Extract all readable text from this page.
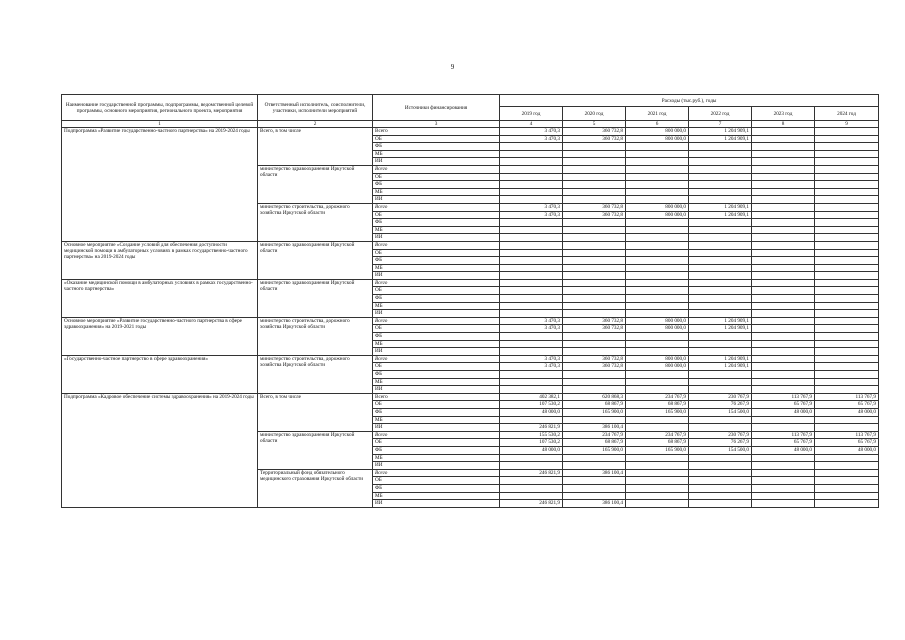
9
Наименование государственной программы, подпрограммы, ведомственной целевой программы, основного мероприятия, регионального проекта, мероприятия	Ответственный исполнитель, соисполнители, участники, исполнители мероприятий	Источники финансирования	Расходы (тыс.руб.), годы					
			2019 год	2020 год	2021 год	2022 год	2023 год	2024 год
1	2	3	4	5	6	7	8	9
Подпрограмма «Развитие государственно-частного партнерства» на 2019-2024 годы	Всего, в том числе	Всего	3 470,3	360 732,8	800 000,0	1 204 909,1		
		ОБ	3 470,3	360 732,8	800 000,0	1 204 909,1		
		ФБ						
		МБ						
		ИИ						
	министерство здравоохранения Иркутской области	Всего						
		ОБ						
		ФБ						
		МБ						
		ИИ						
	министерство строительства, дорожного хозяйства Иркутской области	Всего	3 470,3	360 732,8	800 000,0	1 204 909,1		
		ОБ	3 470,3	360 732,8	800 000,0	1 204 909,1		
		ФБ						
		МБ						
		ИИ						
Основное мероприятие «Создание условий для обеспечения доступности медицинской помощи в амбулаторных условиях в рамках государственно-частного партнерства» на 2019-2024 годы	министерство здравоохранения Иркутской области	Всего						
		ОБ						
		ФБ						
		МБ						
		ИИ						
«Оказание медицинской помощи в амбулаторных условиях в рамках государственно-частного партнерства»	министерство здравоохранения Иркутской области	Всего						
		ОБ						
		ФБ						
		МБ						
		ИИ						
Основное мероприятие «Развитие государственно-частного партнерства в сфере здравоохранения» на 2019-2021 годы	министерство строительства, дорожного хозяйства Иркутской области	Всего	3 470,3	360 732,8	800 000,0	1 204 909,1		
		ОБ	3 470,3	360 732,8	800 000,0	1 204 909,1		
		ФБ						
		МБ						
		ИИ						
«Государственно-частное партнерство в сфере здравоохранения»	министерство строительства, дорожного хозяйства Иркутской области	Всего	3 470,3	360 732,8	800 000,0	1 204 909,1		
		ОБ	3 470,3	360 732,8	800 000,0	1 204 909,1		
		ФБ						
		МБ						
		ИИ						
Подпрограмма «Кадровое обеспечение системы здравоохранения» на 2019-2024 годы	Всего, в том числе	Всего	402 382,1	620 868,3	234 767,9	230 767,9	113 767,9	113 767,9
		ОБ	107 530,2	68 867,9	68 867,9	76 267,9	65 767,9	65 767,9
		ФБ	48 000,0	165 900,0	165 900,0	154 500,0	48 000,0	48 000,0
		МБ						
		ИИ	246 821,9	386 100,4				
	министерство здравоохранения Иркутской области	Всего	155 530,2	234 767,9	234 767,9	230 767,9	113 767,9	113 767,9
		ОБ	107 530,2	68 867,9	68 867,9	76 267,9	65 767,9	65 767,9
		ФБ	48 000,0	165 900,0	165 900,0	154 500,0	48 000,0	48 000,0
		МБ						
		ИИ						
	Территориальный фонд обязательного медицинского страхования Иркутской области	Всего	246 821,9	386 100,4				
		ОБ						
		ФБ						
		МБ						
		ИИ	246 821,9	386 100,4				
